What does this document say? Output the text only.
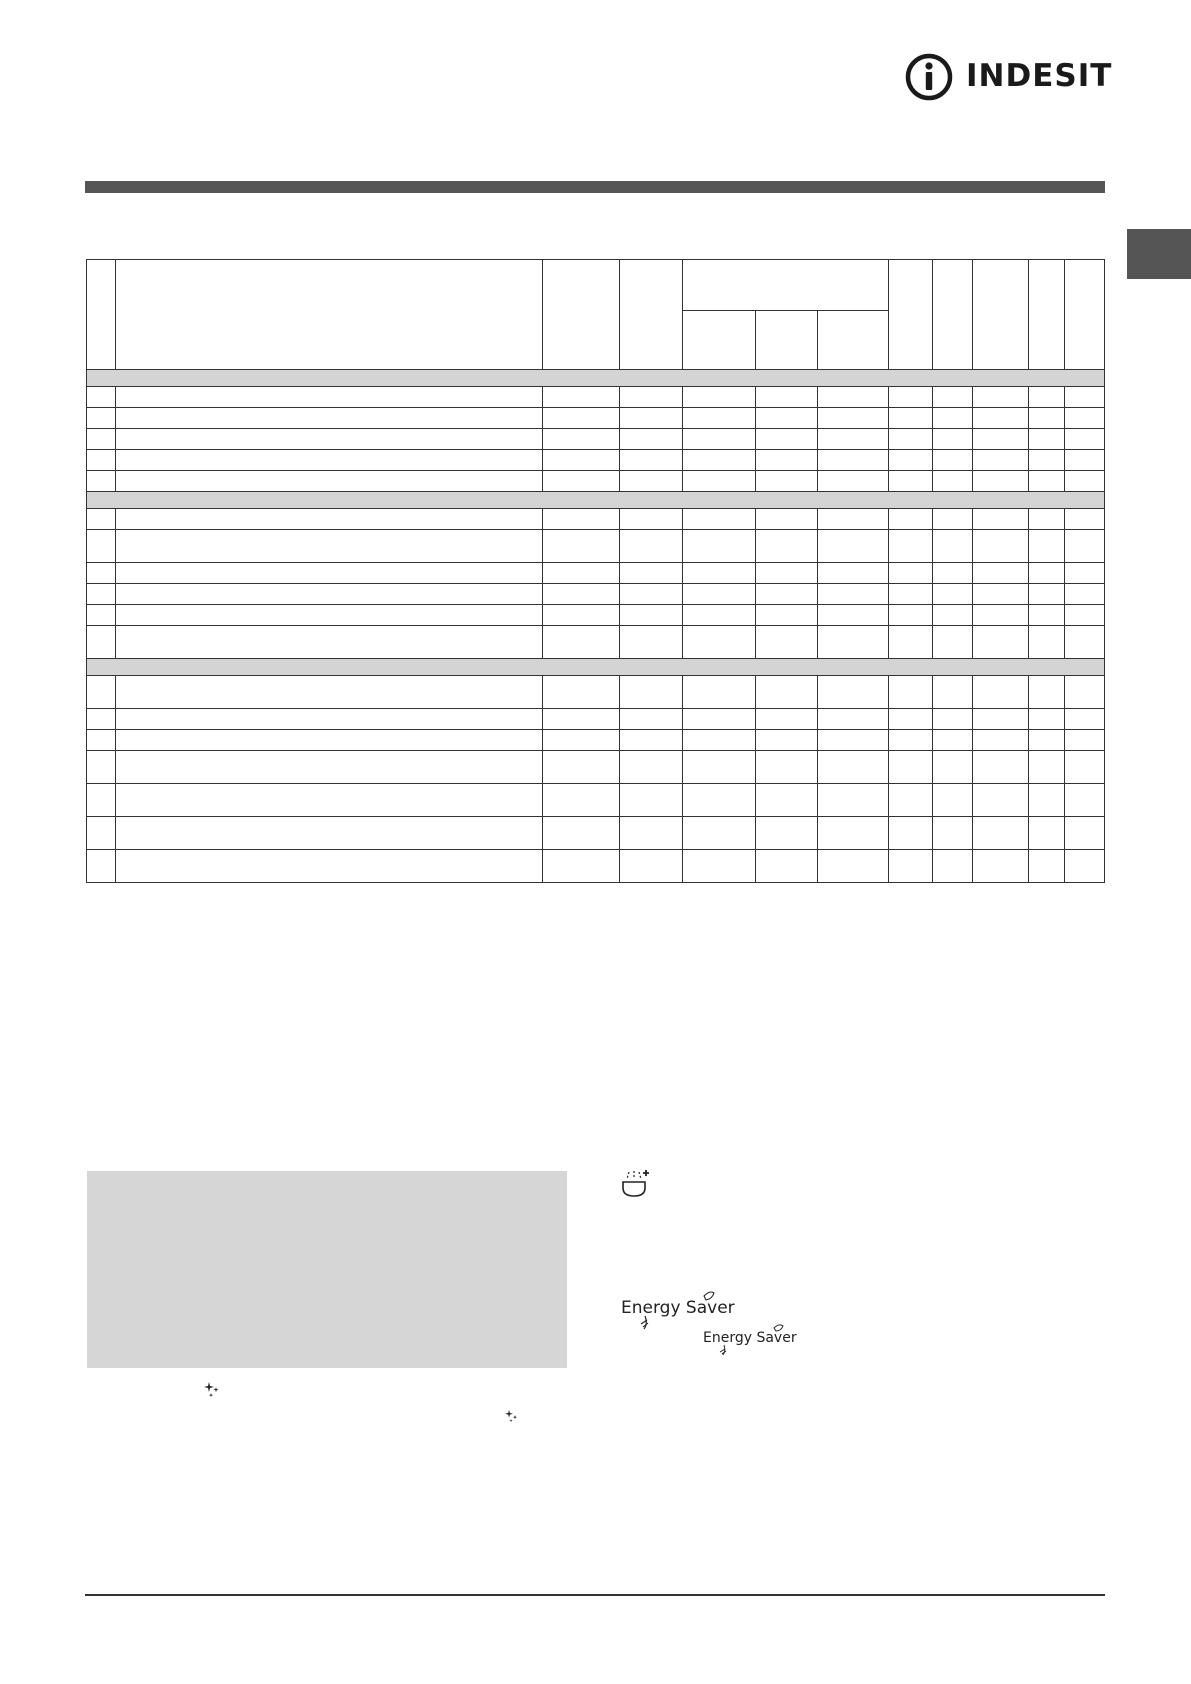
INDESIT

Energy Saver
Energy Saver
